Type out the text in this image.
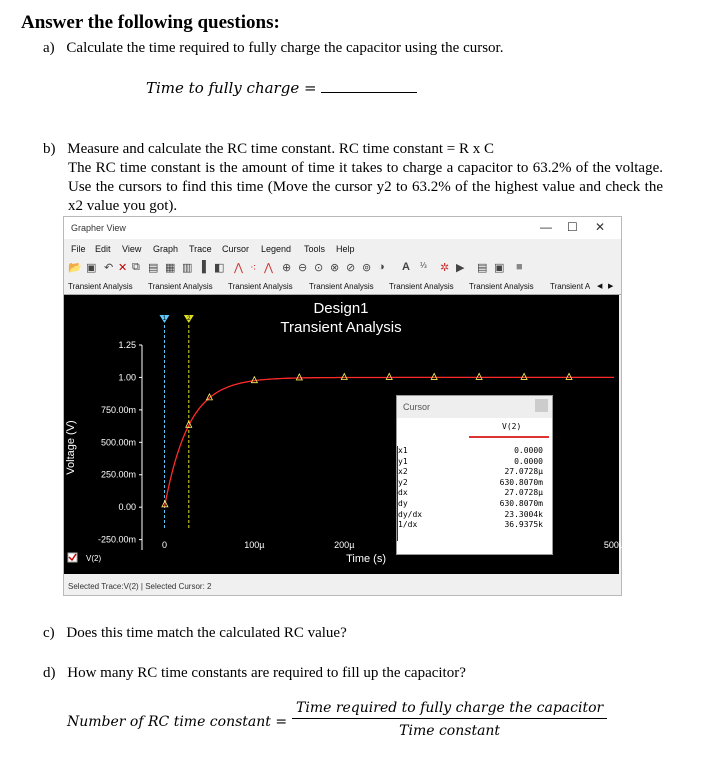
Answer the following questions:
a) Calculate the time required to fully charge the capacitor using the cursor.
Time to fully charge =
b) Measure and calculate the RC time constant. RC time constant = R x C
The RC time constant is the amount of time it takes to charge a capacitor to 63.2% of the voltage. Use the cursors to find this time (Move the cursor y2 to 63.2% of the highest value and check the x2 value you got).
Grapher View	— ☐ ✕
File Edit View Graph Trace Cursor Legend Tools Help
📂 ▣ ↶ ✕ ⧉ ▤ ▦ ▥ ▐ ◧ ⋀ ⁖ ⋀ ⊕ ⊖ ⊙ ⊗ ⊘ ⊚ ◑ A ⅓ ✲ ▶ ▤ ▣ ■
Transient Analysis Transient Analysis Transient Analysis Transient Analysis Transient Analysis Transient Analysis Transient A ◀ ▶
Design1
Transient Analysis
1.25
1.00
750.00m
500.00m
250.00m
0.00
-250.00m
0	100µ	200µ	500µ
Voltage (V)
Time (s)
1	2
V(2)
Cursor
V(2)
x1	0.0000
y1	0.0000
x2	27.0728µ
y2	630.8070m
dx	27.0728µ
dy	630.8070m
dy/dx	23.3004k
1/dx	36.9375k
Selected Trace:V(2) | Selected Cursor: 2
c) Does this time match the calculated RC value?
d) How many RC time constants are required to fill up the capacitor?
Number of RC time constant =
Time required to fully charge the capacitor
Time constant
